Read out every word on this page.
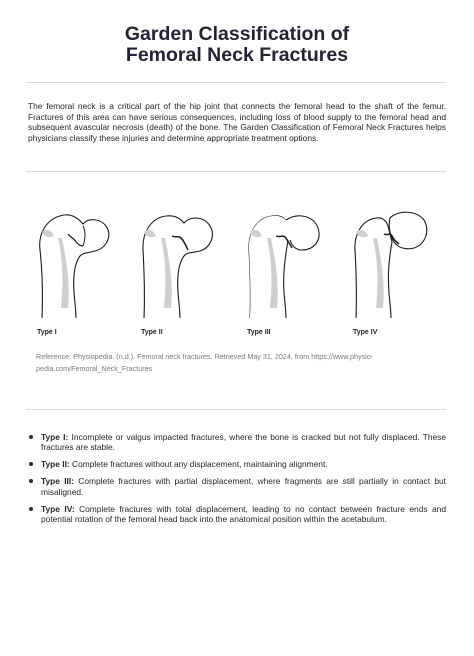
Garden Classification of
Femoral Neck Fractures

The femoral neck is a critical part of the hip joint that connects the femoral head to the shaft of the femur. Fractures of this area can have serious consequences, including loss of blood supply to the femoral head and subsequent avascular necrosis (death) of the bone. The Garden Classification of Femoral Neck Fractures helps physicians classify these injuries and determine appropriate treatment options.

Type I	Type II	Type III	Type IV

Reference: Physiopedia. (n.d.). Femoral neck fractures. Retrieved May 31, 2024, from https://www.physio-pedia.com/Femoral_Neck_Fractures

Type I: Incomplete or valgus impacted fractures, where the bone is cracked but not fully displaced. These fractures are stable.
Type II: Complete fractures without any displacement, maintaining alignment.
Type III: Complete fractures with partial displacement, where fragments are still partially in contact but misaligned.
Type IV: Complete fractures with total displacement, leading to no contact between fracture ends and potential rotation of the femoral head back into the anatomical position within the acetabulum.
